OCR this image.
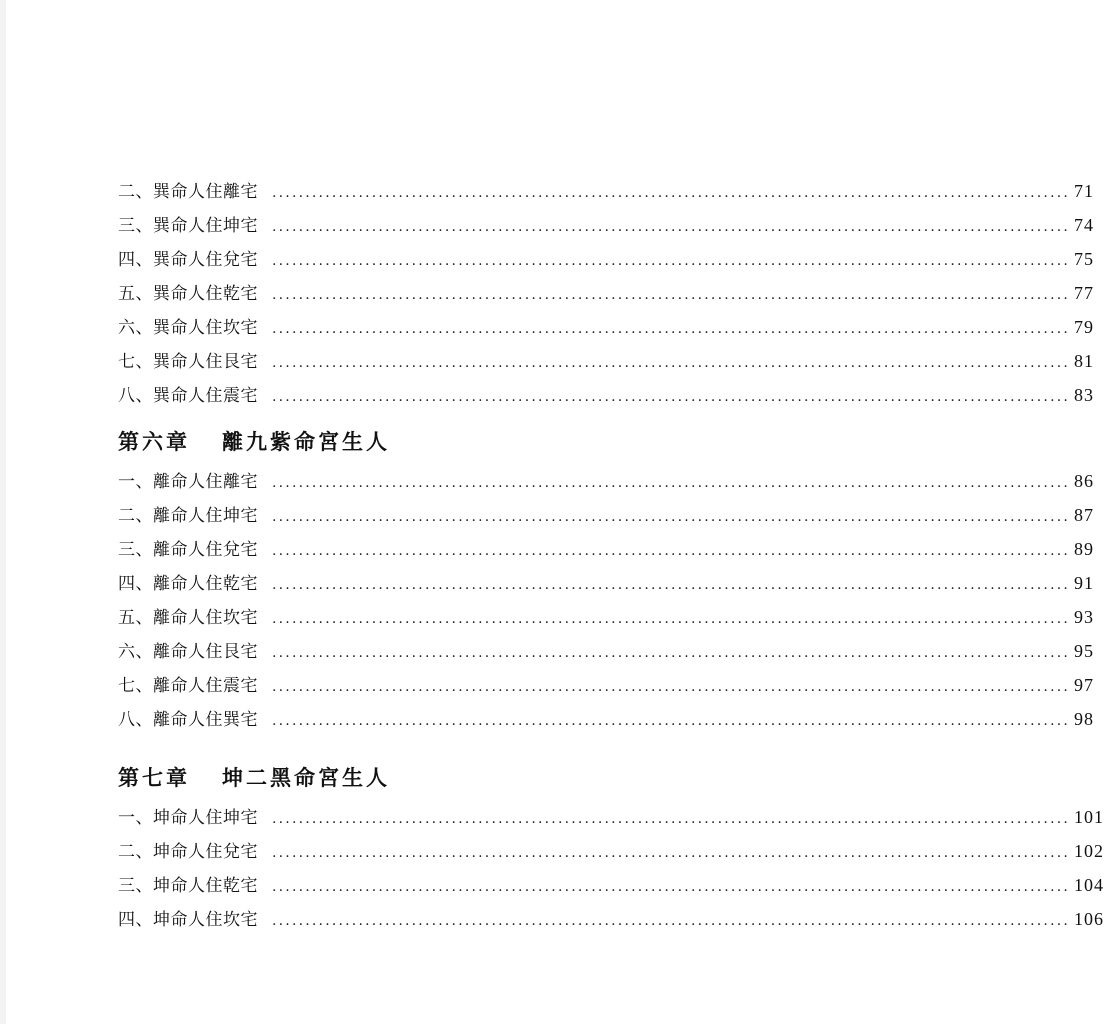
二、巽命人住離宅 ........................................................................................................................ 71
三、巽命人住坤宅 ........................................................................................................................ 74
四、巽命人住兌宅 ........................................................................................................................ 75
五、巽命人住乾宅 ........................................................................................................................ 77
六、巽命人住坎宅 ........................................................................................................................ 79
七、巽命人住艮宅 ........................................................................................................................ 81
八、巽命人住震宅 ........................................................................................................................ 83
第六章 離九紫命宮生人
一、離命人住離宅 ........................................................................................................................ 86
二、離命人住坤宅 ........................................................................................................................ 87
三、離命人住兌宅 ........................................................................................................................ 89
四、離命人住乾宅 ........................................................................................................................ 91
五、離命人住坎宅 ........................................................................................................................ 93
六、離命人住艮宅 ........................................................................................................................ 95
七、離命人住震宅 ........................................................................................................................ 97
八、離命人住巽宅 ........................................................................................................................ 98
第七章 坤二黑命宮生人
一、坤命人住坤宅 ........................................................................................................................ 101
二、坤命人住兌宅 ........................................................................................................................ 102
三、坤命人住乾宅 ........................................................................................................................ 104
四、坤命人住坎宅 ........................................................................................................................ 106
